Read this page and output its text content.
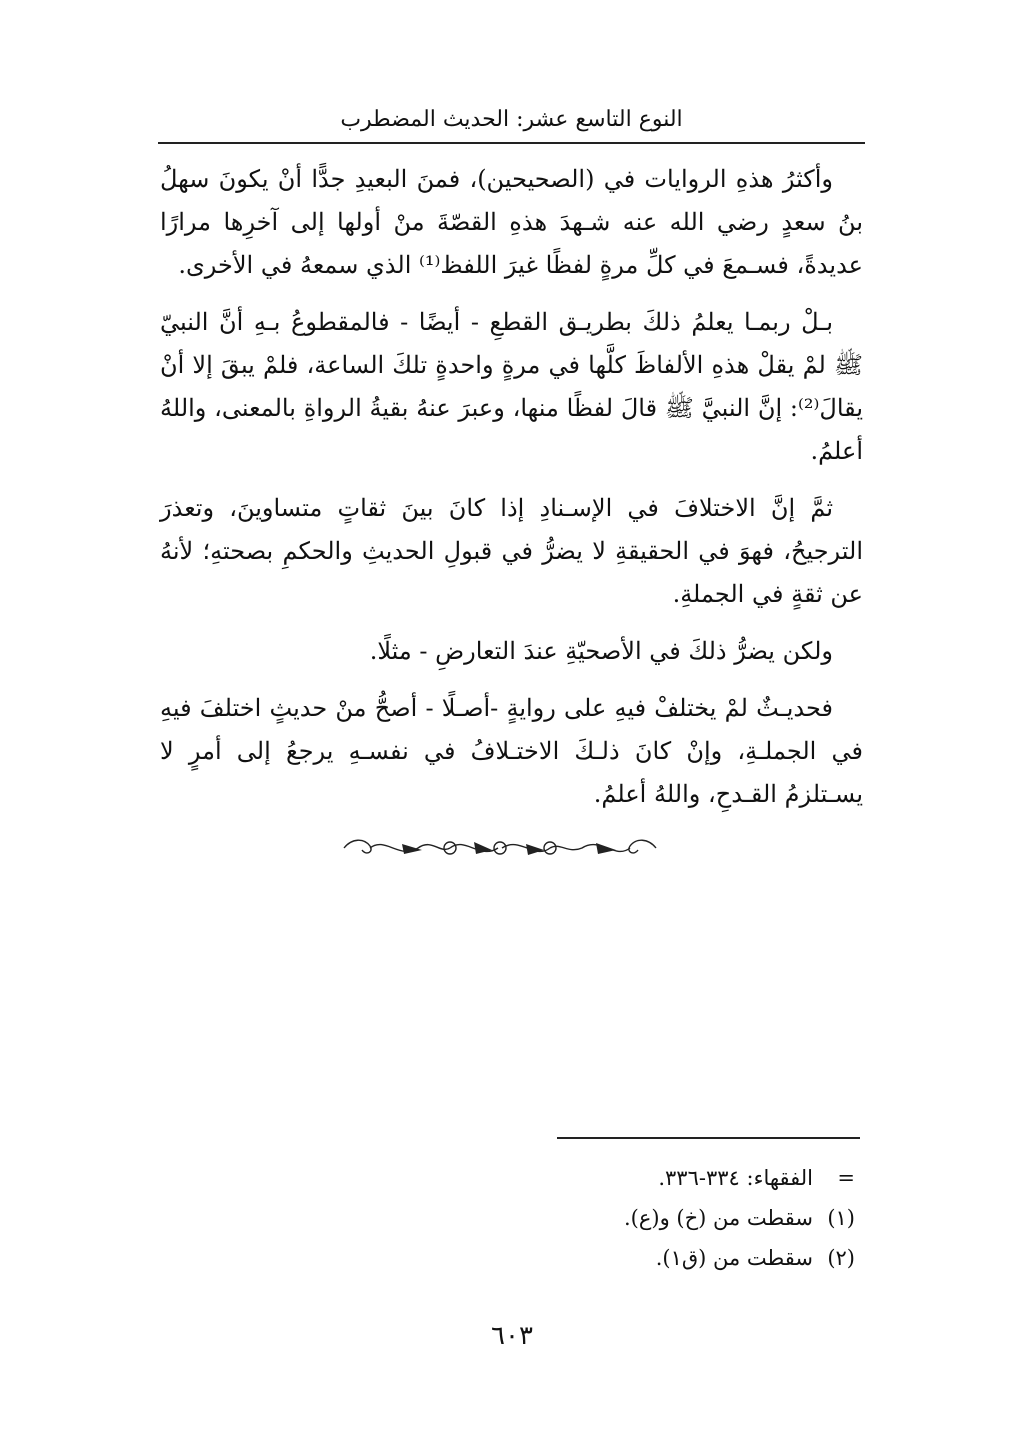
النوع التاسع عشر: الحديث المضطرب

وأكثرُ هذهِ الروايات في (الصحيحين)، فمنَ البعيدِ جدًّا أنْ يكونَ سهلُ بنُ سعدٍ رضي الله عنه شـهدَ هذهِ القصّةَ منْ أولها إلى آخرِها مرارًا عديدةً، فسـمعَ في كلِّ مرةٍ لفظًا غيرَ اللفظ⁽¹⁾ الذي سمعهُ في الأخرى.

بـلْ ربمـا يعلمُ ذلكَ بطريـق القطعِ - أيضًا - فالمقطوعُ بـهِ أنَّ النبيّ ﷺ لمْ يقلْ هذهِ الألفاظَ كلَّها في مرةٍ واحدةٍ تلكَ الساعة، فلمْ يبقَ إلا أنْ يقالَ⁽²⁾: إنَّ النبيَّ ﷺ قالَ لفظًا منها، وعبرَ عنهُ بقيةُ الرواةِ بالمعنى، واللهُ أعلمُ.

ثمَّ إنَّ الاختلافَ في الإسـنادِ إذا كانَ بينَ ثقاتٍ متساوينَ، وتعذرَ الترجيحُ، فهوَ في الحقيقةِ لا يضرُّ في قبولِ الحديثِ والحكمِ بصحتهِ؛ لأنهُ عن ثقةٍ في الجملةِ.

ولكن يضرُّ ذلكَ في الأصحيّةِ عندَ التعارضِ - مثلًا.

فحديـثٌ لمْ يختلفْ فيهِ على روايةٍ -أصـلًا - أصحُّ منْ حديثٍ اختلفَ فيهِ في الجملـةِ، وإنْ كانَ ذلـكَ الاختـلافُ في نفسـهِ يرجعُ إلى أمرٍ لا يسـتلزمُ القـدحِ، واللهُ أعلمُ.

=
الفقهاء: ٣٣٤-٣٣٦.
(١)
سقطت من (خ) و(ع).
(٢)
سقطت من (ق١).
٦٠٣
